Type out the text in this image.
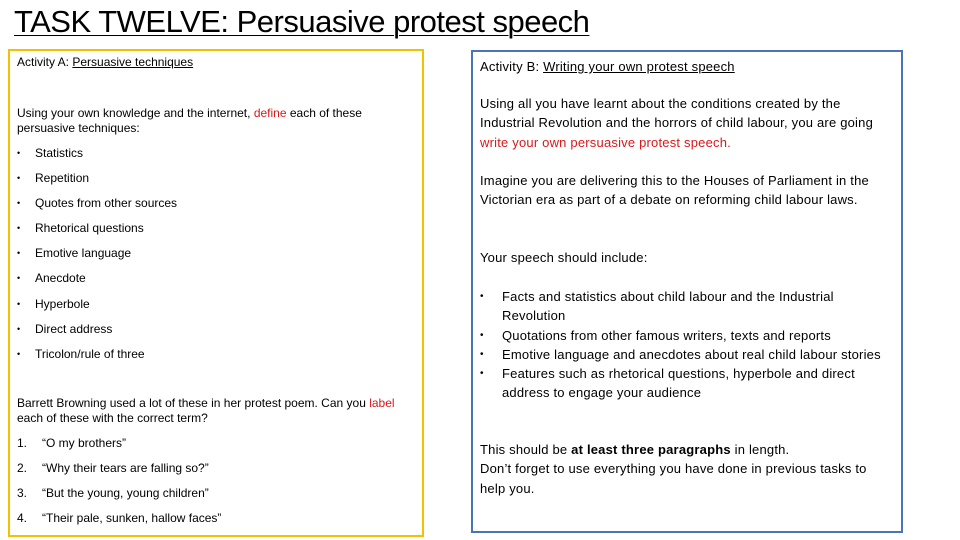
TASK TWELVE: Persuasive protest speech
Activity A: Persuasive techniques
Using your own knowledge and the internet, define each of these persuasive techniques:
•	Statistics
•	Repetition
•	Quotes from other sources
•	Rhetorical questions
•	Emotive language
•	Anecdote
•	Hyperbole
•	Direct address
•	Tricolon/rule of three
Barrett Browning used a lot of these in her protest poem. Can you label each of these with the correct term?
1.	“O my brothers”
2.	“Why their tears are falling so?”
3.	“But the young, young children”
4.	“Their pale, sunken, hallow faces”
Activity B: Writing your own protest speech
Using all you have learnt about the conditions created by the Industrial Revolution and the horrors of child labour, you are going write your own persuasive protest speech.
Imagine you are delivering this to the Houses of Parliament in the Victorian era as part of a debate on reforming child labour laws.
Your speech should include:
•	Facts and statistics about child labour and the Industrial Revolution
•	Quotations from other famous writers, texts and reports
•	Emotive language and anecdotes about real child labour stories
•	Features such as rhetorical questions, hyperbole and direct address to engage your audience
This should be at least three paragraphs in length.
Don’t forget to use everything you have done in previous tasks to help you.
